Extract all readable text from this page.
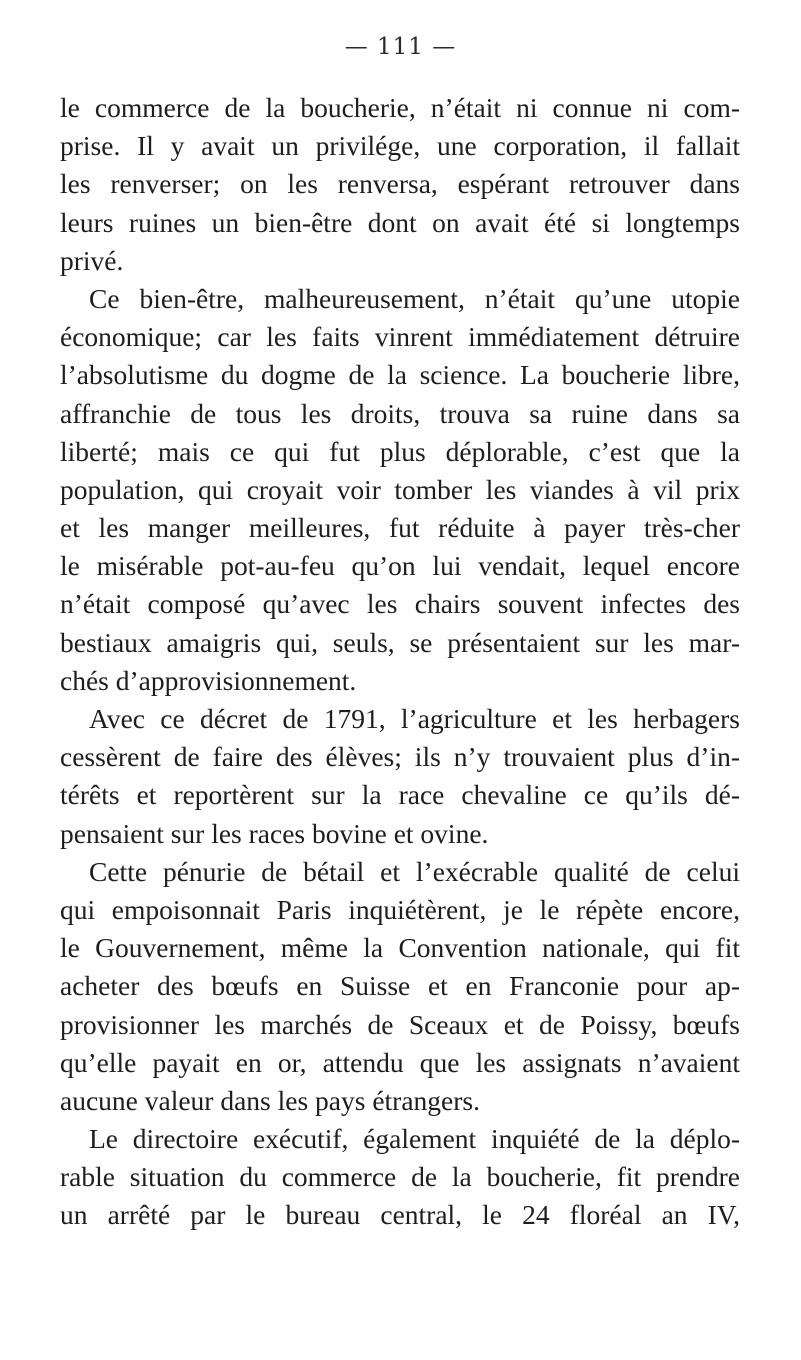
— 111 —
le commerce de la boucherie, n’était ni connue ni com-
prise. Il y avait un privilége, une corporation, il fallait
les renverser; on les renversa, espérant retrouver dans
leurs ruines un bien-être dont on avait été si longtemps
privé.
Ce bien-être, malheureusement, n’était qu’une utopie
économique; car les faits vinrent immédiatement détruire
l’absolutisme du dogme de la science. La boucherie libre,
affranchie de tous les droits, trouva sa ruine dans sa
liberté; mais ce qui fut plus déplorable, c’est que la
population, qui croyait voir tomber les viandes à vil prix
et les manger meilleures, fut réduite à payer très-cher
le misérable pot-au-feu qu’on lui vendait, lequel encore
n’était composé qu’avec les chairs souvent infectes des
bestiaux amaigris qui, seuls, se présentaient sur les mar-
chés d’approvisionnement.
Avec ce décret de 1791, l’agriculture et les herbagers
cessèrent de faire des élèves; ils n’y trouvaient plus d’in-
térêts et reportèrent sur la race chevaline ce qu’ils dé-
pensaient sur les races bovine et ovine.
Cette pénurie de bétail et l’exécrable qualité de celui
qui empoisonnait Paris inquiétèrent, je le répète encore,
le Gouvernement, même la Convention nationale, qui fit
acheter des bœufs en Suisse et en Franconie pour ap-
provisionner les marchés de Sceaux et de Poissy, bœufs
qu’elle payait en or, attendu que les assignats n’avaient
aucune valeur dans les pays étrangers.
Le directoire exécutif, également inquiété de la déplo-
rable situation du commerce de la boucherie, fit prendre
un arrêté par le bureau central, le 24 floréal an IV,
